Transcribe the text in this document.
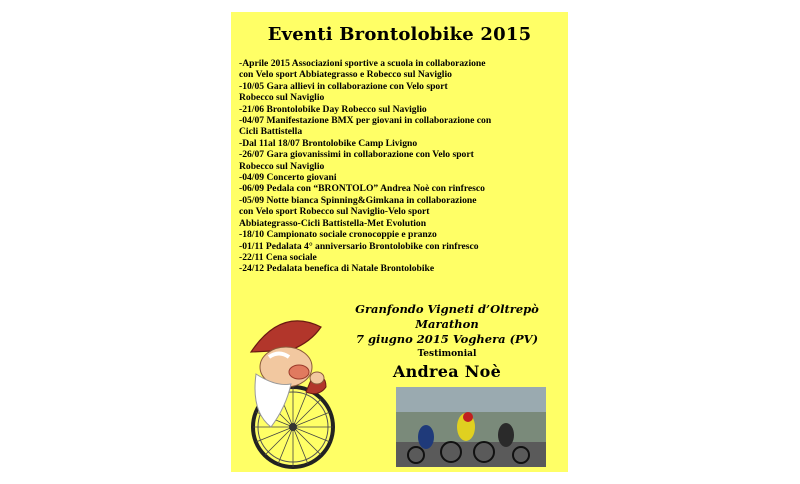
Eventi Brontolobike 2015
-Aprile 2015 Associazioni sportive a scuola in collaborazione
con Velo sport Abbiategrasso e Robecco sul Naviglio
-10/05 Gara allievi in collaborazione con Velo sport
Robecco sul Naviglio
-21/06 Brontolobike Day Robecco sul Naviglio
-04/07 Manifestazione BMX per giovani in collaborazione con
Cicli Battistella
-Dal 11al 18/07 Brontolobike Camp Livigno
-26/07 Gara giovanissimi in collaborazione con Velo sport
Robecco sul Naviglio
-04/09 Concerto giovani
-06/09 Pedala con “BRONTOLO” Andrea Noè con rinfresco
-05/09 Notte bianca Spinning&Gimkana in collaborazione
con Velo sport Robecco sul Naviglio-Velo sport
Abbiategrasso-Cicli Battistella-Met Evolution
-18/10 Campionato sociale cronocoppie e pranzo
-01/11 Pedalata 4° anniversario Brontolobike con rinfresco
-22/11 Cena sociale
-24/12 Pedalata benefica di Natale Brontolobike
Granfondo Vigneti d’Oltrepò
Marathon
7 giugno 2015 Voghera (PV)
Testimonial
Andrea Noè
